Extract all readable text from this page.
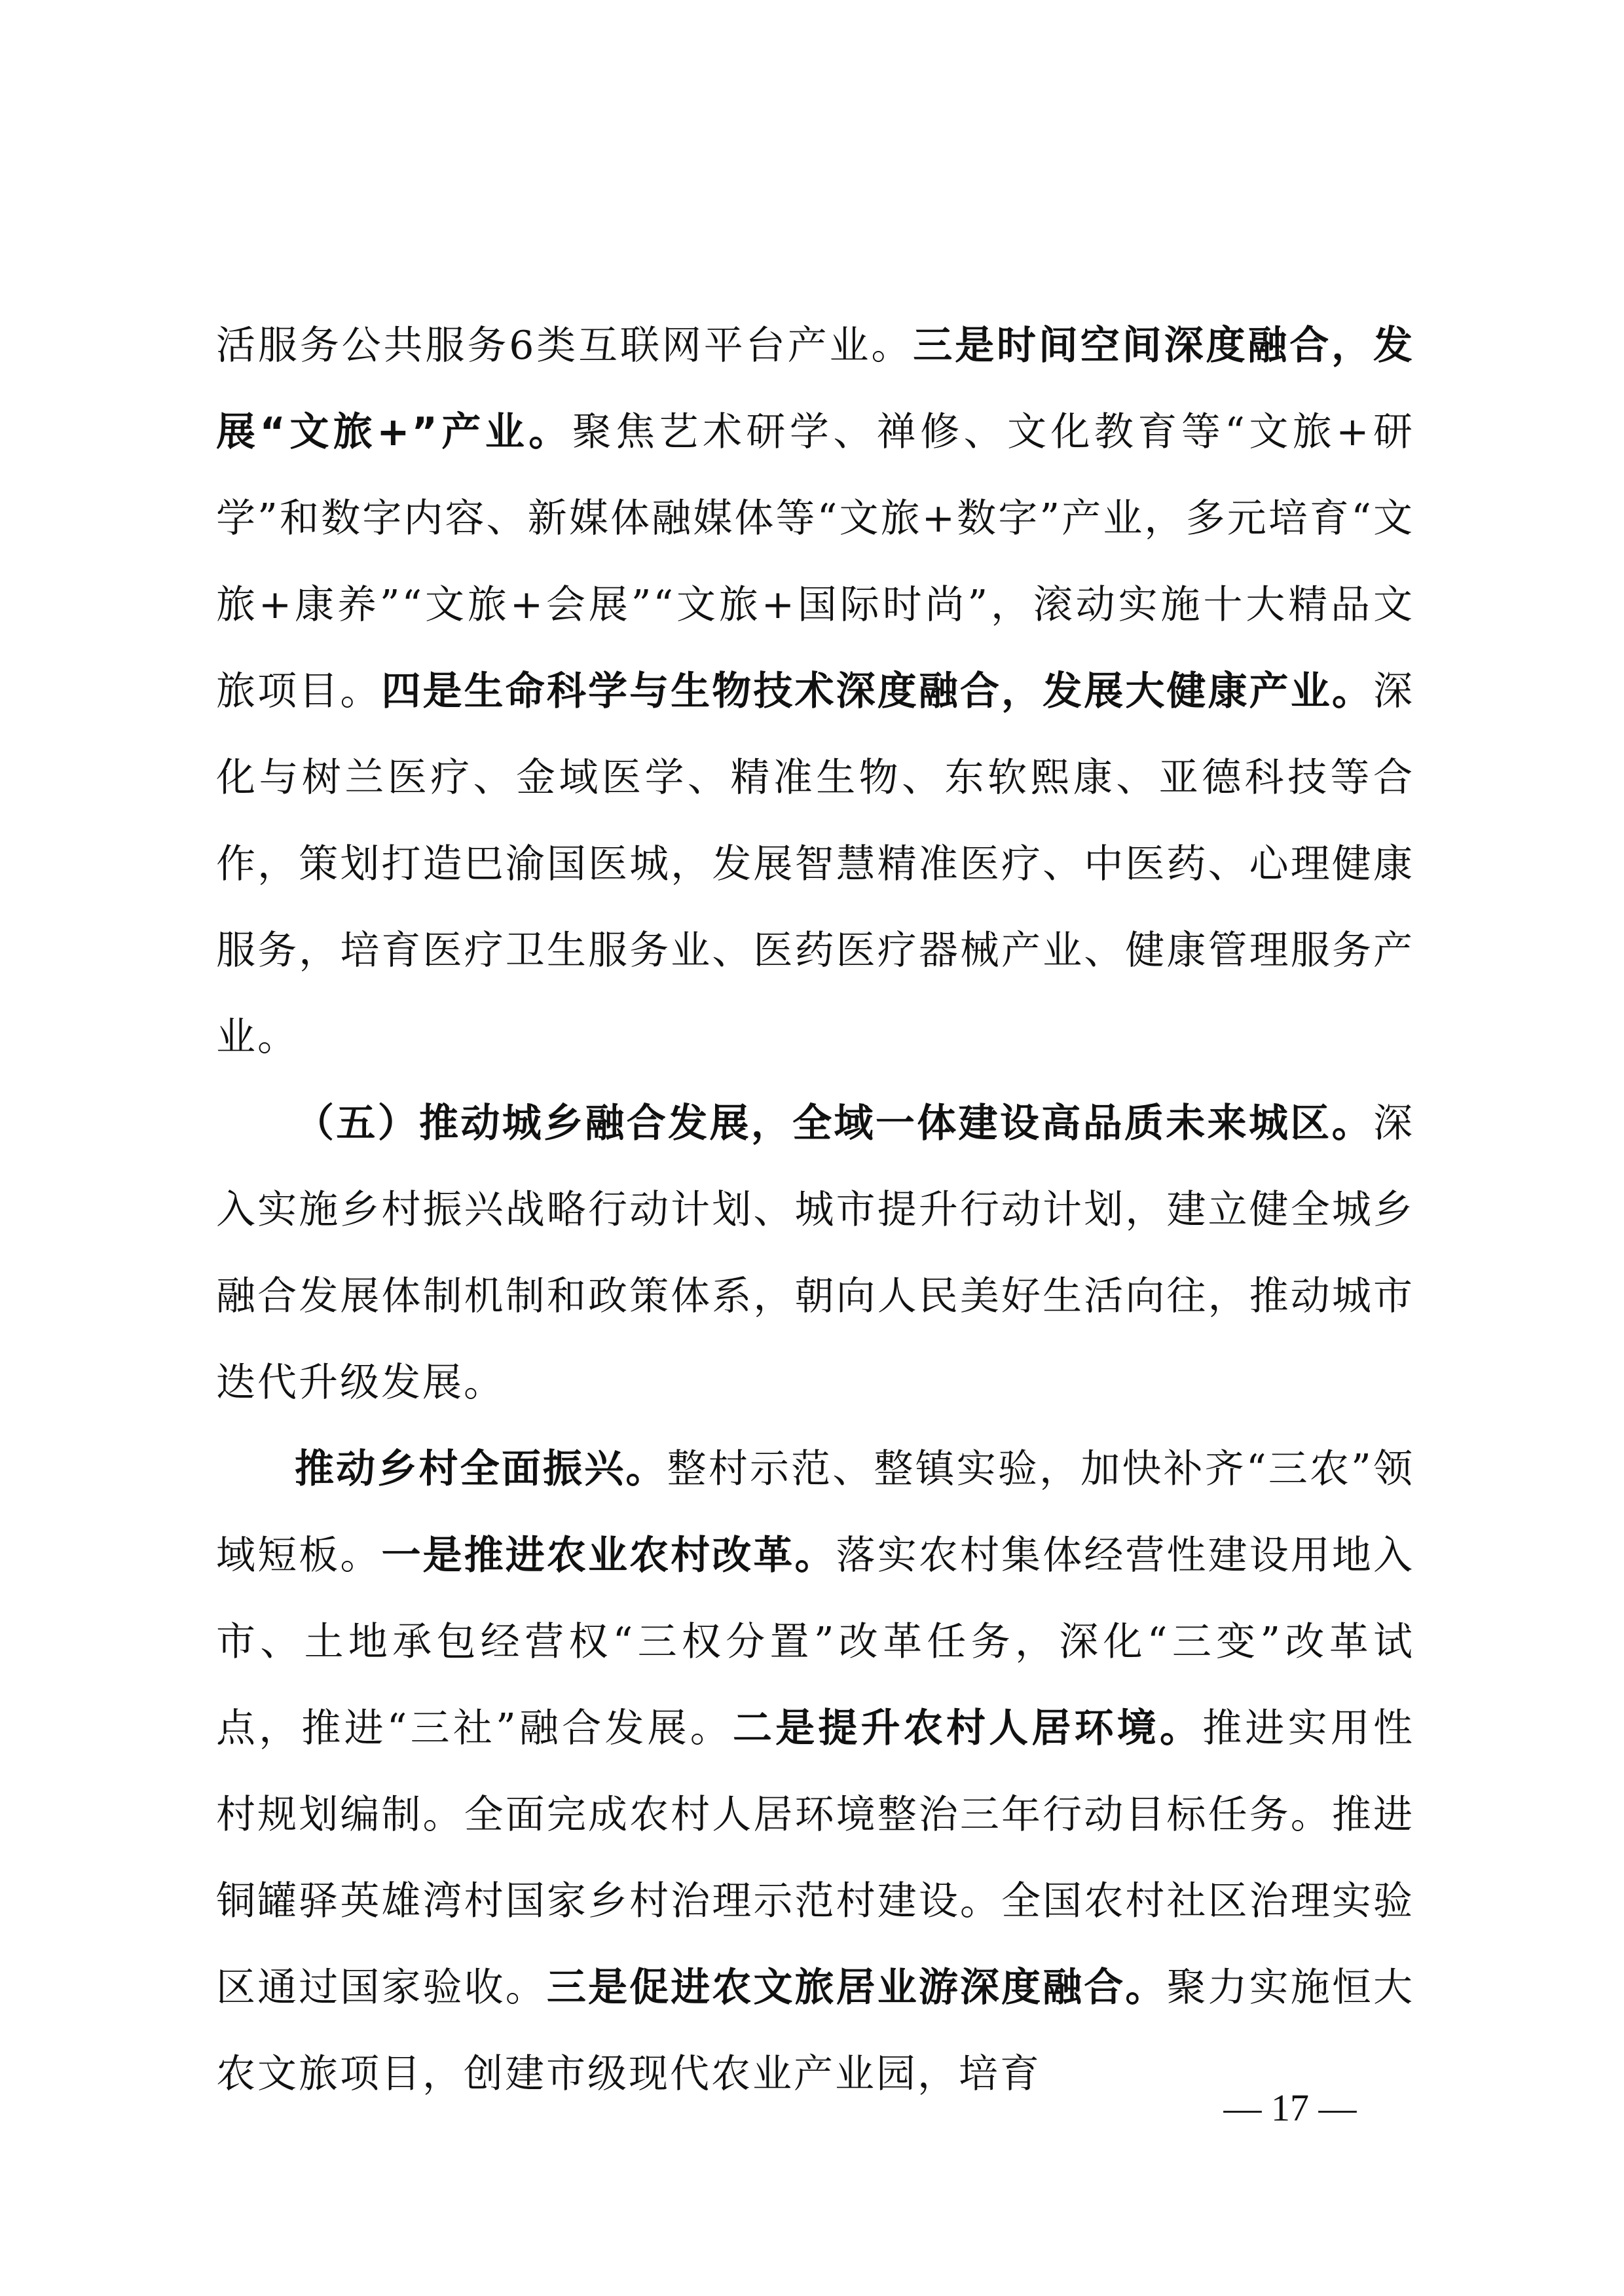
活服务公共服务6类互联网平台产业。三是时间空间深度融合，发展“文旅+”产业。聚焦艺术研学、禅修、文化教育等“文旅+研学”和数字内容、新媒体融媒体等“文旅+数字”产业，多元培育“文旅+康养”“文旅+会展”“文旅+国际时尚”，滚动实施十大精品文旅项目。四是生命科学与生物技术深度融合，发展大健康产业。深化与树兰医疗、金域医学、精准生物、东软熙康、亚德科技等合作，策划打造巴渝国医城，发展智慧精准医疗、中医药、心理健康服务，培育医疗卫生服务业、医药医疗器械产业、健康管理服务产业。

（五）推动城乡融合发展，全域一体建设高品质未来城区。深入实施乡村振兴战略行动计划、城市提升行动计划，建立健全城乡融合发展体制机制和政策体系，朝向人民美好生活向往，推动城市迭代升级发展。

推动乡村全面振兴。整村示范、整镇实验，加快补齐“三农”领域短板。一是推进农业农村改革。落实农村集体经营性建设用地入市、土地承包经营权“三权分置”改革任务，深化“三变”改革试点，推进“三社”融合发展。二是提升农村人居环境。推进实用性村规划编制。全面完成农村人居环境整治三年行动目标任务。推进铜罐驿英雄湾村国家乡村治理示范村建设。全国农村社区治理实验区通过国家验收。三是促进农文旅居业游深度融合。聚力实施恒大农文旅项目，创建市级现代农业产业园，培育

— 17 —
